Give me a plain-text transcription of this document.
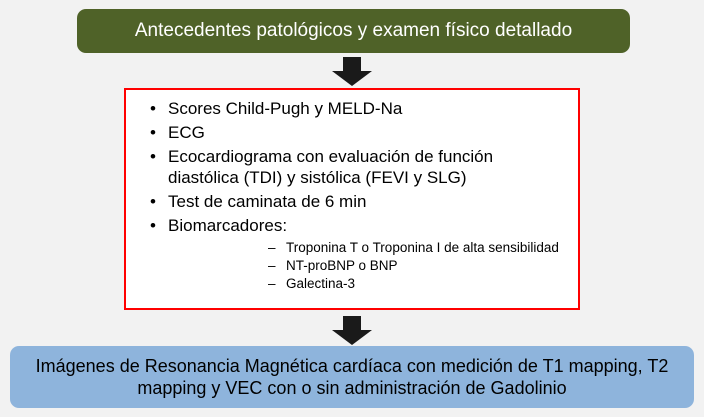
Antecedentes patológicos y examen físico detallado
• Scores Child-Pugh y MELD-Na
• ECG
• Ecocardiograma con evaluación de función diastólica (TDI) y sistólica (FEVI y SLG)
• Test de caminata de 6 min
• Biomarcadores:
– Troponina T o Troponina I de alta sensibilidad
– NT-proBNP o BNP
– Galectina-3
Imágenes de Resonancia Magnética cardíaca con medición de T1 mapping, T2 mapping y VEC con o sin administración de Gadolinio
